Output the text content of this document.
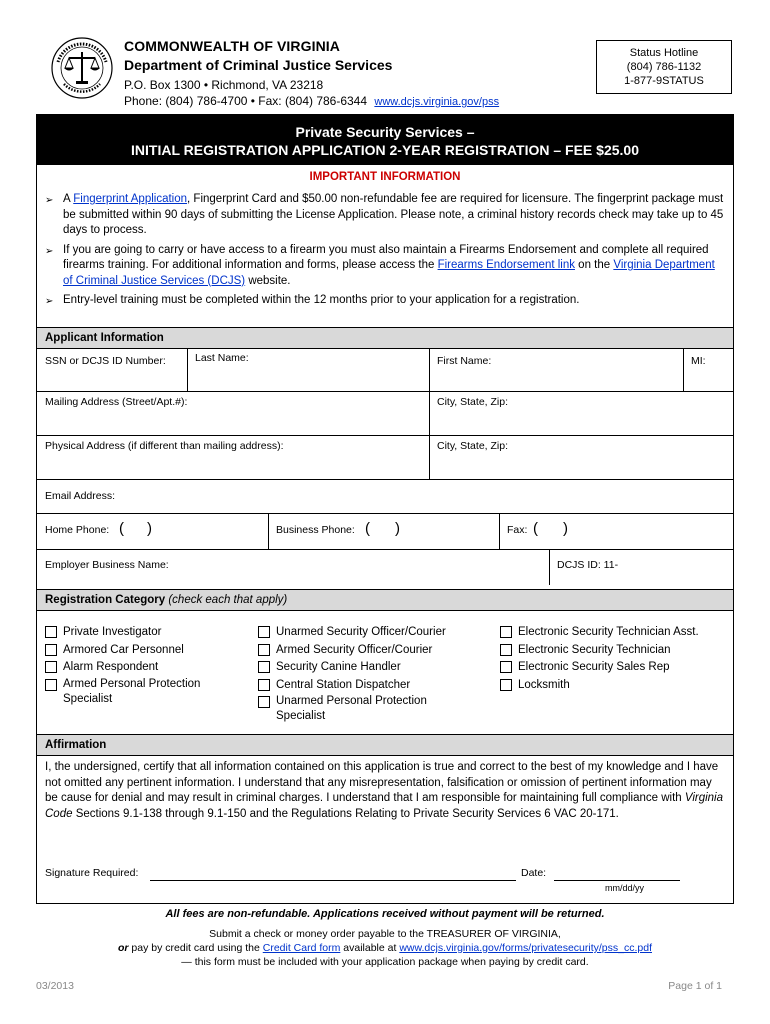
COMMONWEALTH OF VIRGINIA
Department of Criminal Justice Services
P.O. Box 1300 • Richmond, VA 23218
Phone: (804) 786-4700 • Fax: (804) 786-6344 www.dcjs.virginia.gov/pss
Status Hotline
(804) 786-1132
1-877-9STATUS
Private Security Services –
INITIAL REGISTRATION APPLICATION 2-YEAR REGISTRATION – FEE $25.00
IMPORTANT INFORMATION
➢ A Fingerprint Application, Fingerprint Card and $50.00 non-refundable fee are required for licensure. The fingerprint package must be submitted within 90 days of submitting the License Application. Please note, a criminal history records check may take up to 45 days to process.
➢ If you are going to carry or have access to a firearm you must also maintain a Firearms Endorsement and complete all required firearms training. For additional information and forms, please access the Firearms Endorsement link on the Virginia Department of Criminal Justice Services (DCJS) website.
➢ Entry-level training must be completed within the 12 months prior to your application for a registration.
Applicant Information
SSN or DCJS ID Number:	Last Name:	First Name:	MI:
Mailing Address (Street/Apt.#):	City, State, Zip:
Physical Address (if different than mailing address):	City, State, Zip:
Email Address:
Home Phone: ( )	Business Phone: ( )	Fax: ( )
Employer Business Name:	DCJS ID: 11-
Registration Category (check each that apply)
Private Investigator
Armored Car Personnel
Alarm Respondent
Armed Personal Protection Specialist
Unarmed Security Officer/Courier
Armed Security Officer/Courier
Security Canine Handler
Central Station Dispatcher
Unarmed Personal Protection Specialist
Electronic Security Technician Asst.
Electronic Security Technician
Electronic Security Sales Rep
Locksmith
Affirmation
I, the undersigned, certify that all information contained on this application is true and correct to the best of my knowledge and I have not omitted any pertinent information. I understand that any misrepresentation, falsification or omission of pertinent information may be cause for denial and may result in criminal charges. I understand that I am responsible for maintaining full compliance with Virginia Code Sections 9.1-138 through 9.1-150 and the Regulations Relating to Private Security Services 6 VAC 20-171.
Signature Required:	Date:
mm/dd/yy
All fees are non-refundable. Applications received without payment will be returned.
Submit a check or money order payable to the TREASURER OF VIRGINIA,
or pay by credit card using the Credit Card form available at www.dcjs.virginia.gov/forms/privatesecurity/pss_cc.pdf
— this form must be included with your application package when paying by credit card.
03/2013	Page 1 of 1
